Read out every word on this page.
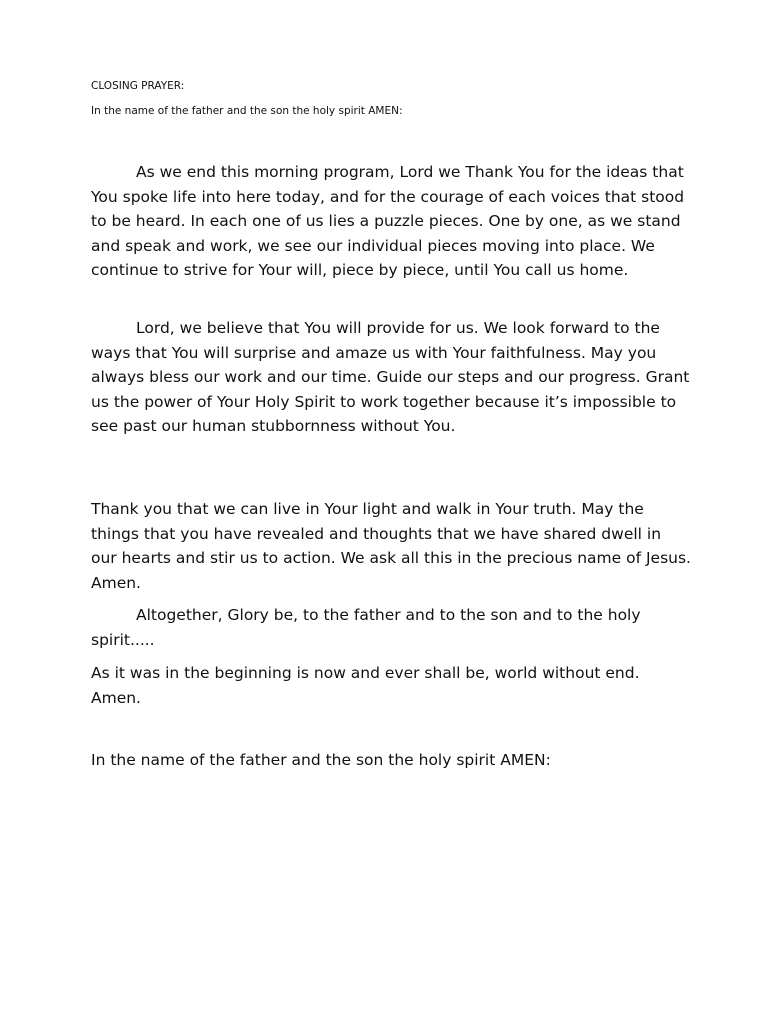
CLOSING PRAYER:

In the name of the father and the son the holy spirit AMEN:

As we end this morning program, Lord we Thank You for the ideas that You spoke life into here today, and for the courage of each voices that stood to be heard. In each one of us lies a puzzle pieces. One by one, as we stand and speak and work, we see our individual pieces moving into place. We continue to strive for Your will, piece by piece, until You call us home.

Lord, we believe that You will provide for us. We look forward to the ways that You will surprise and amaze us with Your faithfulness. May you always bless our work and our time. Guide our steps and our progress. Grant us the power of Your Holy Spirit to work together because it’s impossible to see past our human stubbornness without You.

Thank you that we can live in Your light and walk in Your truth. May the things that you have revealed and thoughts that we have shared dwell in our hearts and stir us to action. We ask all this in the precious name of Jesus. Amen.

Altogether, Glory be, to the father and to the son and to the holy spirit.....

As it was in the beginning is now and ever shall be, world without end. Amen.

In the name of the father and the son the holy spirit AMEN:
